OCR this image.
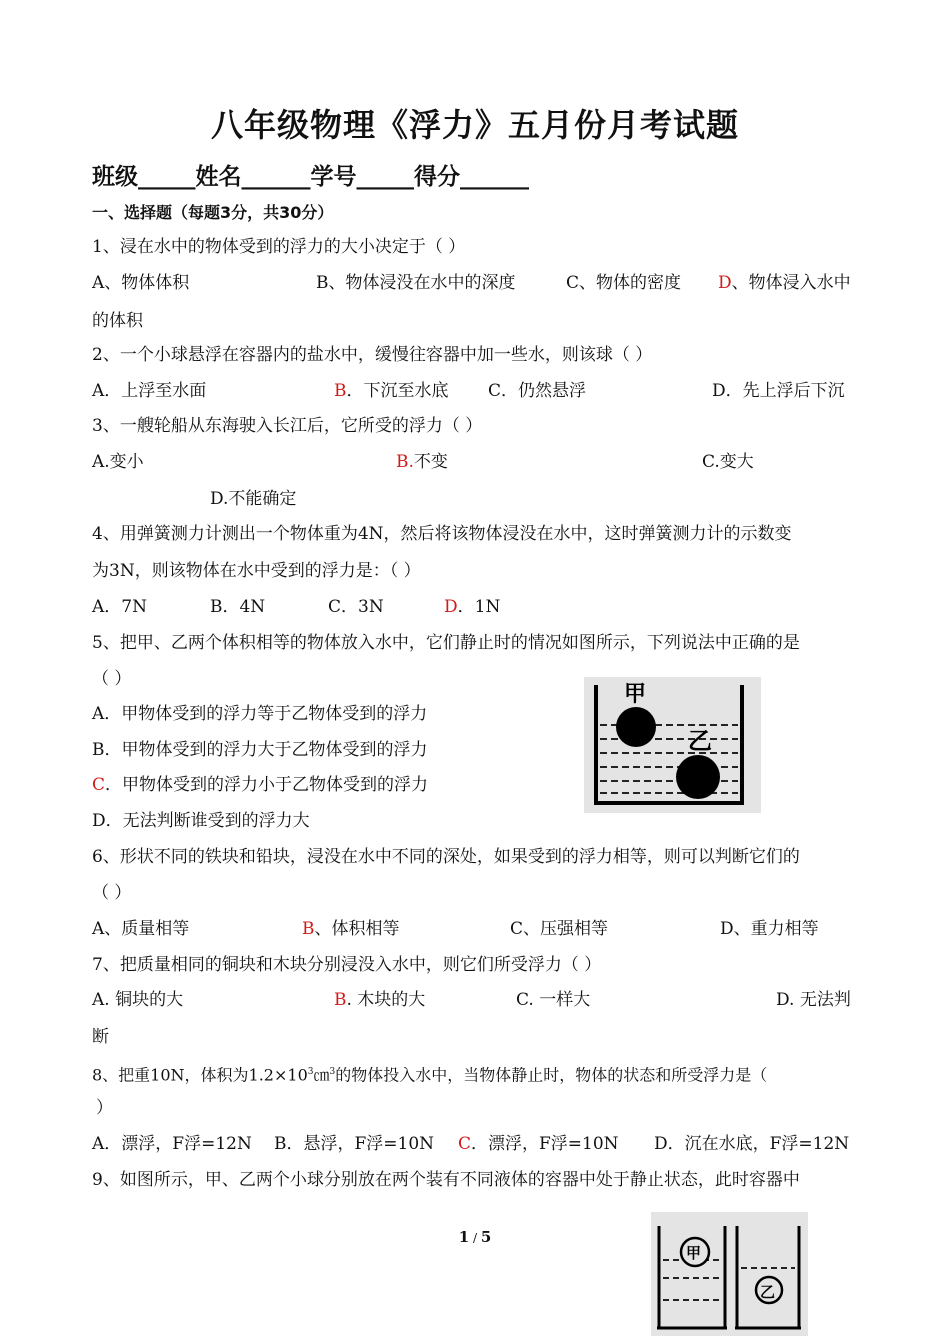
八年级物理《浮力》五月份月考试题
班级_____姓名______学号_____得分______
一、选择题（每题3分，共30分）
1、浸在水中的物体受到的浮力的大小决定于（ ）
A、物体体积	B、物体浸没在水中的深度	C、物体的密度 D、物体浸入水中
的体积
2、一个小球悬浮在容器内的盐水中，缓慢往容器中加一些水，则该球（ ）
A．上浮至水面	B．下沉至水底 C．仍然悬浮	D．先上浮后下沉
3、一艘轮船从东海驶入长江后，它所受的浮力（ ）
A.变小	B.不变	C.变大
D.不能确定
4、用弹簧测力计测出一个物体重为4N，然后将该物体浸没在水中，这时弹簧测力计的示数变
为3N，则该物体在水中受到的浮力是：（ ）
A．7N	B．4N	C．3N	D．1N
5、把甲、乙两个体积相等的物体放入水中，它们静止时的情况如图所示，下列说法中正确的是
（ ）
A．甲物体受到的浮力等于乙物体受到的浮力
B．甲物体受到的浮力大于乙物体受到的浮力
C．甲物体受到的浮力小于乙物体受到的浮力
D．无法判断谁受到的浮力大
甲
乙
6、形状不同的铁块和铅块，浸没在水中不同的深处，如果受到的浮力相等，则可以判断它们的
（ ）
A、质量相等	B、体积相等	C、压强相等	D、重力相等
7、把质量相同的铜块和木块分别浸没入水中，则它们所受浮力（ ）
A. 铜块的大	B. 木块的大	C. 一样大	D. 无法判
断
8、把重10N，体积为$1.2\times 10^3㎝^3$的物体投入水中，当物体静止时，物体的状态和所受浮力是（
）
A．漂浮，F浮=12N B．悬浮，F浮=10N C．漂浮，F浮=10N D．沉在水底，F浮=12N
9、如图所示，甲、乙两个小球分别放在两个装有不同液体的容器中处于静止状态，此时容器中
甲
乙
1 / 5
